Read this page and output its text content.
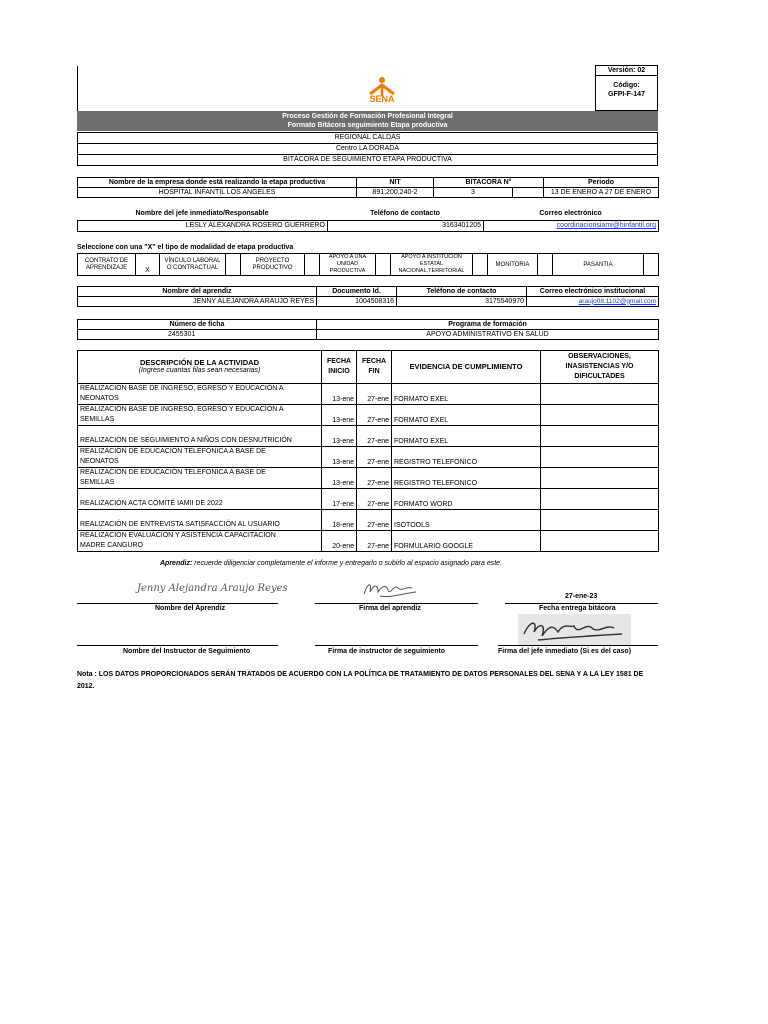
Versión: 02
Código:
GFPI-F-147
SENA
Proceso Gestión de Formación Profesional Integral
Formato Bitácora seguimiento Etapa productiva
REGIONAL CALDAS
Centro LA DORADA
BITÁCORA DE SEGUIMIENTO ETAPA PRODUCTIVA
Nombre de la empresa donde está realizando la etapa productiva	NIT	BITACORA N°		Periodo
HOSPITAL INFANTIL LOS ANGELES	891,200,240-2	3		13 DE ENERO A 27 DE ENERO
Nombre del jefe inmediato/Responsable	Teléfono de contacto	Correo electrónico
LESLY ALEXANDRA ROSERO GUERRERO	3163401205	coordinacionsiami@hinfantil.org
Seleccione con una "X" el tipo de modalidad de etapa productiva
CONTRATO DE APRENDIZAJE	X	VÍNCULO LABORAL O CONTRACTUAL		PROYECTO PRODUCTIVO		APOYO A UNA UNIDAD PRODUCTIVA		APOYO A INSTITUCIÓN ESTATAL NACIONAL,TERRITORIAL		MONITORIA		PASANTIA	
Nombre del aprendiz	Documento Id.	Teléfono de contacto	Correo electrónico institucional
JENNY ALEJANDRA ARAUJO REYES	1004508316	3175540970	araujo08.1102@gmail.com
Número de ficha	Programa de formación
2455301	APOYO ADMINISTRATIVO EN SALUD
DESCRIPCIÓN DE LA ACTIVIDAD
(Ingrese cuantas filas sean necesarias)	FECHA INICIO	FECHA FIN	EVIDENCIA DE CUMPLIMIENTO	OBSERVACIONES, INASISTENCIAS Y/O DIFICULTADES

REALIZACIÓN BASE DE INGRESO, EGRESO Y EDUCACIÓN A
NEONATOS	13-ene	27-ene	FORMATO EXEL	

REALIZACIÓN BASE DE INGRESO, EGRESO Y EDUCACIÓN A
SEMILLAS	13-ene	27-ene	FORMATO EXEL	

REALIZACIÓN DE SEGUIMIENTO A NIÑOS CON DESNUTRICIÓN	13-ene	27-ene	FORMATO EXEL	

REALIZACIÓN DE EDUCACIÓN TELEFONICA A BASE DE
NEONATOS	13-ene	27-ene	REGISTRO TELEFONICO	

REALIZACIÓN DE EDUCACIÓN TELEFONICA A BASE DE
SEMILLAS	13-ene	27-ene	REGISTRO TELEFONICO	

REALIZACIÓN ACTA COMITÉ IAMII DE 2022	17-ene	27-ene	FORMATO WORD	

REALIZACIÓN DE ENTREVISTA SATISFACCIÓN AL USUARIO	18-ene	27-ene	ISOTOOLS	

REALIZACIÓN EVALUACIÓN Y ASISTENCIA CAPACITACIÓN
MADRE CANGURO	20-ene	27-ene	FORMULARIO GOOGLE	
Aprendiz: recuerde diligenciar completamente el informe y entregarlo o subirlo al espacio asignado para este.
Jenny Alejandra Araujo Reyes
27-ene-23
Nombre del Aprendiz	Firma del aprendiz	Fecha entrega bitácora
Nombre del Instructor de Seguimiento	Firma de instructor de seguimiento	Firma del jefe inmediato (Si es del caso)
Nota : LOS DATOS PROPORCIONADOS SERÁN TRATADOS DE ACUERDO CON LA POLÍTICA DE TRATAMIENTO DE DATOS PERSONALES DEL SENA Y A LA LEY 1581 DE 2012.
